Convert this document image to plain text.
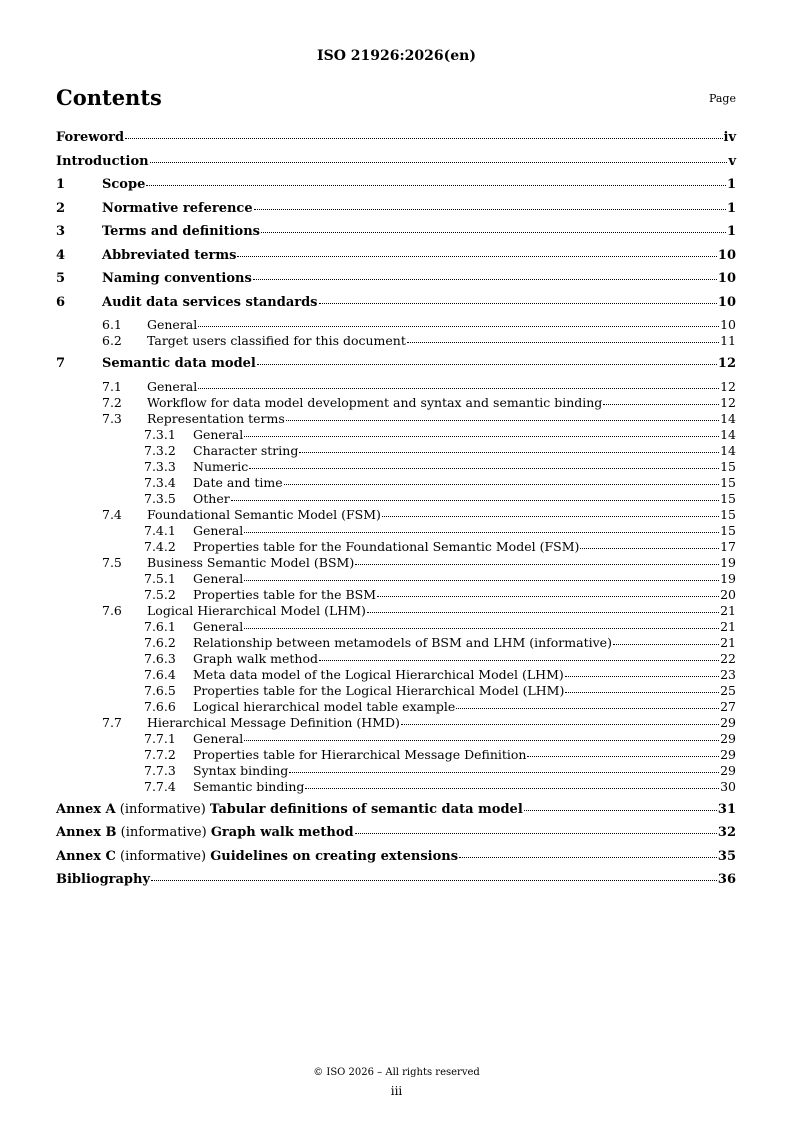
ISO 21926:2026(en)
Contents	Page
Foreword	iv
Introduction	v
1	Scope	1
2	Normative reference	1
3	Terms and definitions	1
4	Abbreviated terms	10
5	Naming conventions	10
6	Audit data services standards	10
6.1	General	10
6.2	Target users classified for this document	11
7	Semantic data model	12
7.1	General	12
7.2	Workflow for data model development and syntax and semantic binding	12
7.3	Representation terms	14
7.3.1	General	14
7.3.2	Character string	14
7.3.3	Numeric	15
7.3.4	Date and time	15
7.3.5	Other	15
7.4	Foundational Semantic Model (FSM)	15
7.4.1	General	15
7.4.2	Properties table for the Foundational Semantic Model (FSM)	17
7.5	Business Semantic Model (BSM)	19
7.5.1	General	19
7.5.2	Properties table for the BSM	20
7.6	Logical Hierarchical Model (LHM)	21
7.6.1	General	21
7.6.2	Relationship between metamodels of BSM and LHM (informative)	21
7.6.3	Graph walk method	22
7.6.4	Meta data model of the Logical Hierarchical Model (LHM)	23
7.6.5	Properties table for the Logical Hierarchical Model (LHM)	25
7.6.6	Logical hierarchical model table example	27
7.7	Hierarchical Message Definition (HMD)	29
7.7.1	General	29
7.7.2	Properties table for Hierarchical Message Definition	29
7.7.3	Syntax binding	29
7.7.4	Semantic binding	30
Annex A (informative) Tabular definitions of semantic data model	31
Annex B (informative) Graph walk method	32
Annex C (informative) Guidelines on creating extensions	35
Bibliography	36
© ISO 2026 – All rights reserved
iii
